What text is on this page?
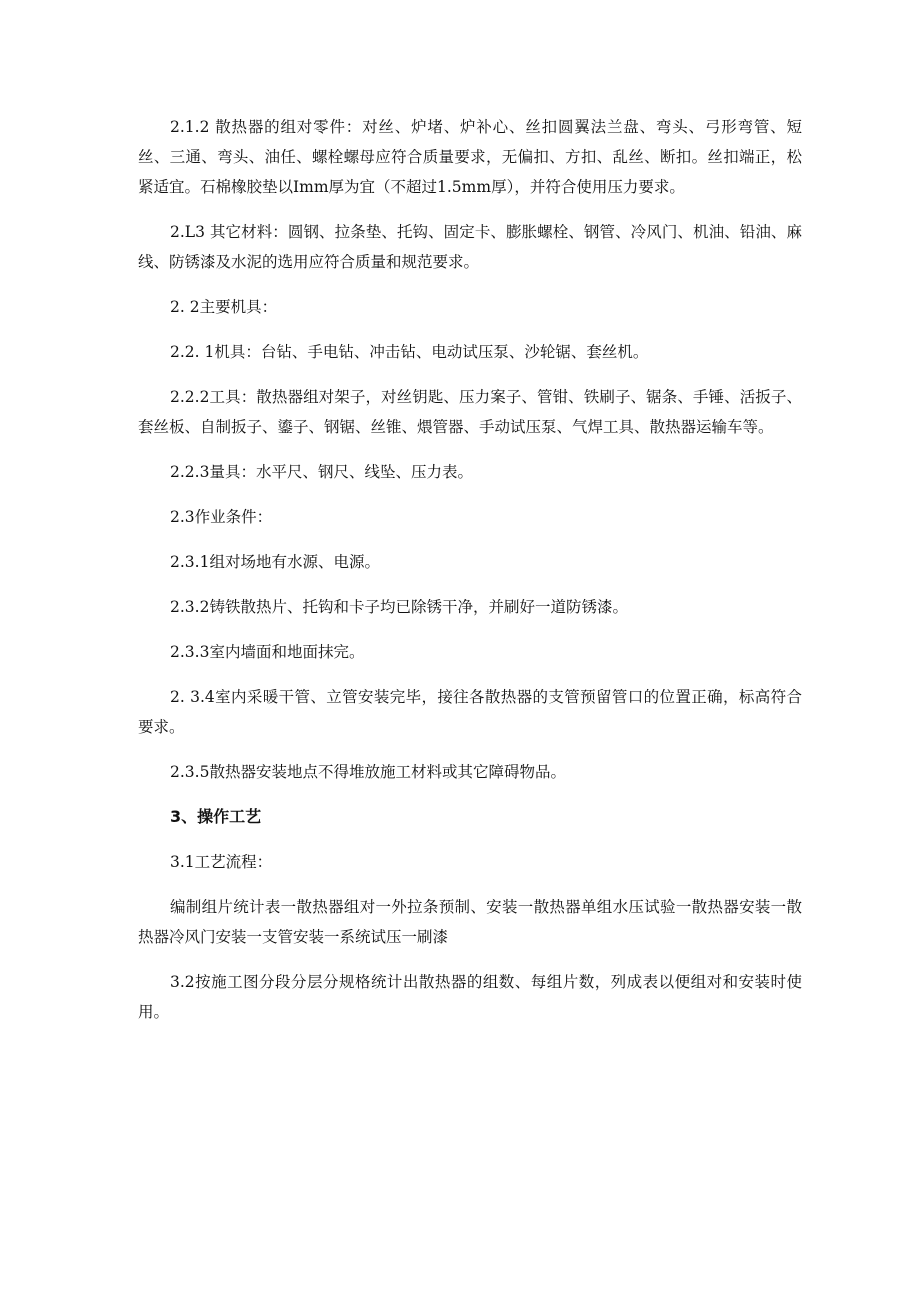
2.1.2 散热器的组对零件：对丝、炉堵、炉补心、丝扣圆翼法兰盘、弯头、弓形弯管、短丝、三通、弯头、油任、螺栓螺母应符合质量要求，无偏扣、方扣、乱丝、断扣。丝扣端正，松紧适宜。石棉橡胶垫以Imm厚为宜（不超过1.5mm厚），并符合使用压力要求。

2.L3 其它材料：圆钢、拉条垫、托钩、固定卡、膨胀螺栓、钢管、冷风门、机油、铅油、麻线、防锈漆及水泥的选用应符合质量和规范要求。

2. 2主要机具：

2.2. 1机具：台钻、手电钻、冲击钻、电动试压泵、沙轮锯、套丝机。

2.2.2工具：散热器组对架子，对丝钥匙、压力案子、管钳、铁刷子、锯条、手锤、活扳子、套丝板、自制扳子、鎏子、钢锯、丝锥、煨管器、手动试压泵、气焊工具、散热器运输车等。

2.2.3量具：水平尺、钢尺、线坠、压力表。

2.3作业条件：

2.3.1组对场地有水源、电源。

2.3.2铸铁散热片、托钩和卡子均已除锈干净，并刷好一道防锈漆。

2.3.3室内墙面和地面抹完。

2. 3.4室内采暖干管、立管安装完毕，接往各散热器的支管预留管口的位置正确，标高符合要求。

2.3.5散热器安装地点不得堆放施工材料或其它障碍物品。

3、操作工艺

3.1工艺流程：

编制组片统计表一散热器组对一外拉条预制、安装一散热器单组水压试验一散热器安装一散热器冷风门安装一支管安装一系统试压一刷漆

3.2按施工图分段分层分规格统计出散热器的组数、每组片数，列成表以便组对和安装时使用。
